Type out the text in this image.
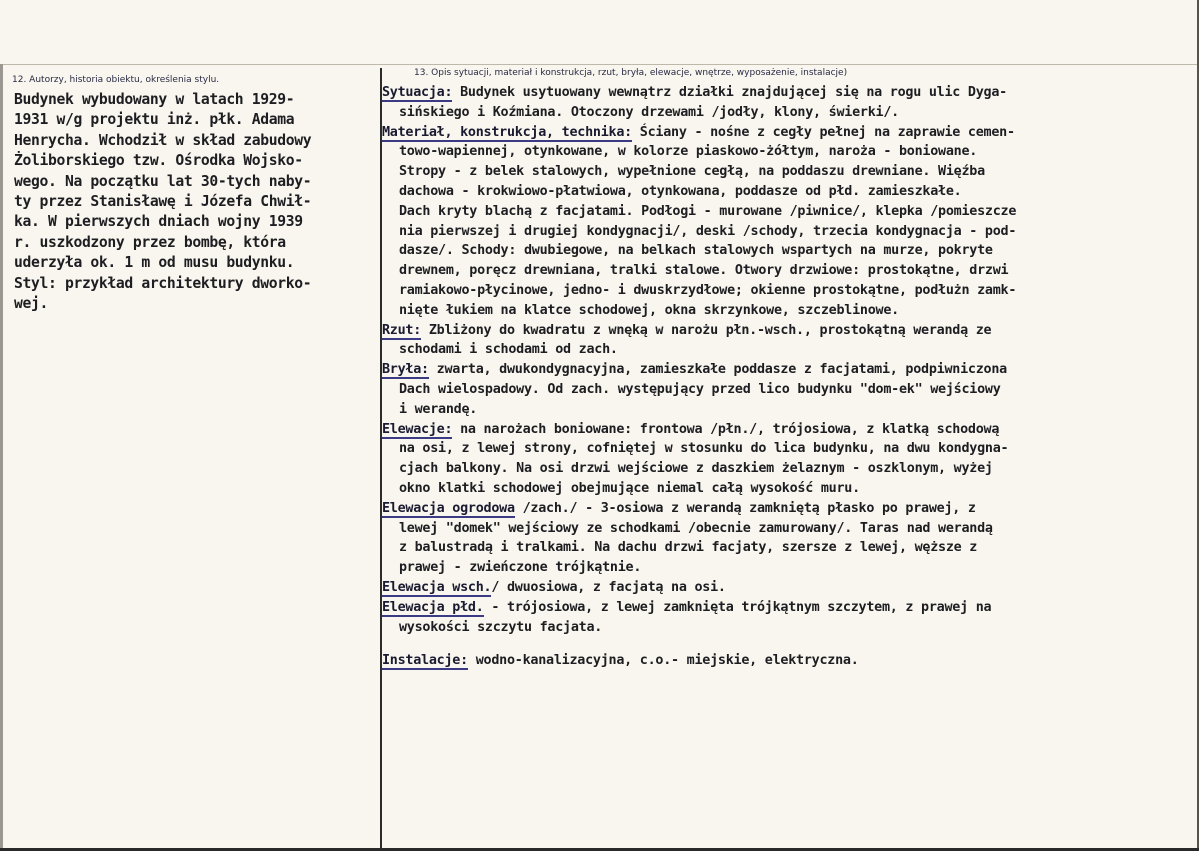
12. Autorzy, historia obiektu, określenia stylu.
Budynek wybudowany w latach 1929-
1931 w/g projektu inż. płk. Adama
Henrycha. Wchodził w skład zabudowy
Żoliborskiego tzw. Ośrodka Wojsko-
wego. Na początku lat 30-tych naby-
ty przez Stanisławę i Józefa Chwił-
ka. W pierwszych dniach wojny 1939
r. uszkodzony przez bombę, która
uderzyła ok. 1 m od musu budynku.
Styl: przykład architektury dworko-
wej.
13. Opis sytuacji, materiał i konstrukcja, rzut, bryła, elewacje, wnętrze, wyposażenie, instalacje)
Sytuacja: Budynek usytuowany wewnątrz działki znajdującej się na rogu ulic Dyga-
sińskiego i Koźmiana. Otoczony drzewami /jodły, klony, świerki/.
Materiał, konstrukcja, technika: Ściany - nośne z cegły pełnej na zaprawie cemen-
towo-wapiennej, otynkowane, w kolorze piaskowo-żółtym, naroża - boniowane.
Stropy - z belek stalowych, wypełnione cegłą, na poddaszu drewniane. Więźba
dachowa - krokwiowo-płatwiowa, otynkowana, poddasze od płd. zamieszkałe.
Dach kryty blachą z facjatami. Podłogi - murowane /piwnice/, klepka /pomieszcze
nia pierwszej i drugiej kondygnacji/, deski /schody, trzecia kondygnacja - pod-
dasze/. Schody: dwubiegowe, na belkach stalowych wspartych na murze, pokryte
drewnem, poręcz drewniana, tralki stalowe. Otwory drzwiowe: prostokątne, drzwi
ramiakowo-płycinowe, jedno- i dwuskrzydłowe; okienne prostokątne, podłużn zamk-
nięte łukiem na klatce schodowej, okna skrzynkowe, szczeblinowe.
Rzut: Zbliżony do kwadratu z wnęką w narożu płn.-wsch., prostokątną werandą ze
schodami i schodami od zach.
Bryła: zwarta, dwukondygnacyjna, zamieszkałe poddasze z facjatami, podpiwniczona
Dach wielospadowy. Od zach. występujący przed lico budynku "dom-ek" wejściowy
i werandę.
Elewacje: na narożach boniowane: frontowa /płn./, trójosiowa, z klatką schodową
na osi, z lewej strony, cofniętej w stosunku do lica budynku, na dwu kondygna-
cjach balkony. Na osi drzwi wejściowe z daszkiem żelaznym - oszklonym, wyżej
okno klatki schodowej obejmujące niemal całą wysokość muru.
Elewacja ogrodowa /zach./ - 3-osiowa z werandą zamkniętą płasko po prawej, z
lewej "domek" wejściowy ze schodkami /obecnie zamurowany/. Taras nad werandą
z balustradą i tralkami. Na dachu drzwi facjaty, szersze z lewej, węższe z
prawej - zwieńczone trójkątnie.
Elewacja wsch./ dwuosiowa, z facjatą na osi.
Elewacja płd. - trójosiowa, z lewej zamknięta trójkątnym szczytem, z prawej na
wysokości szczytu facjata.
Instalacje: wodno-kanalizacyjna, c.o.- miejskie, elektryczna.
